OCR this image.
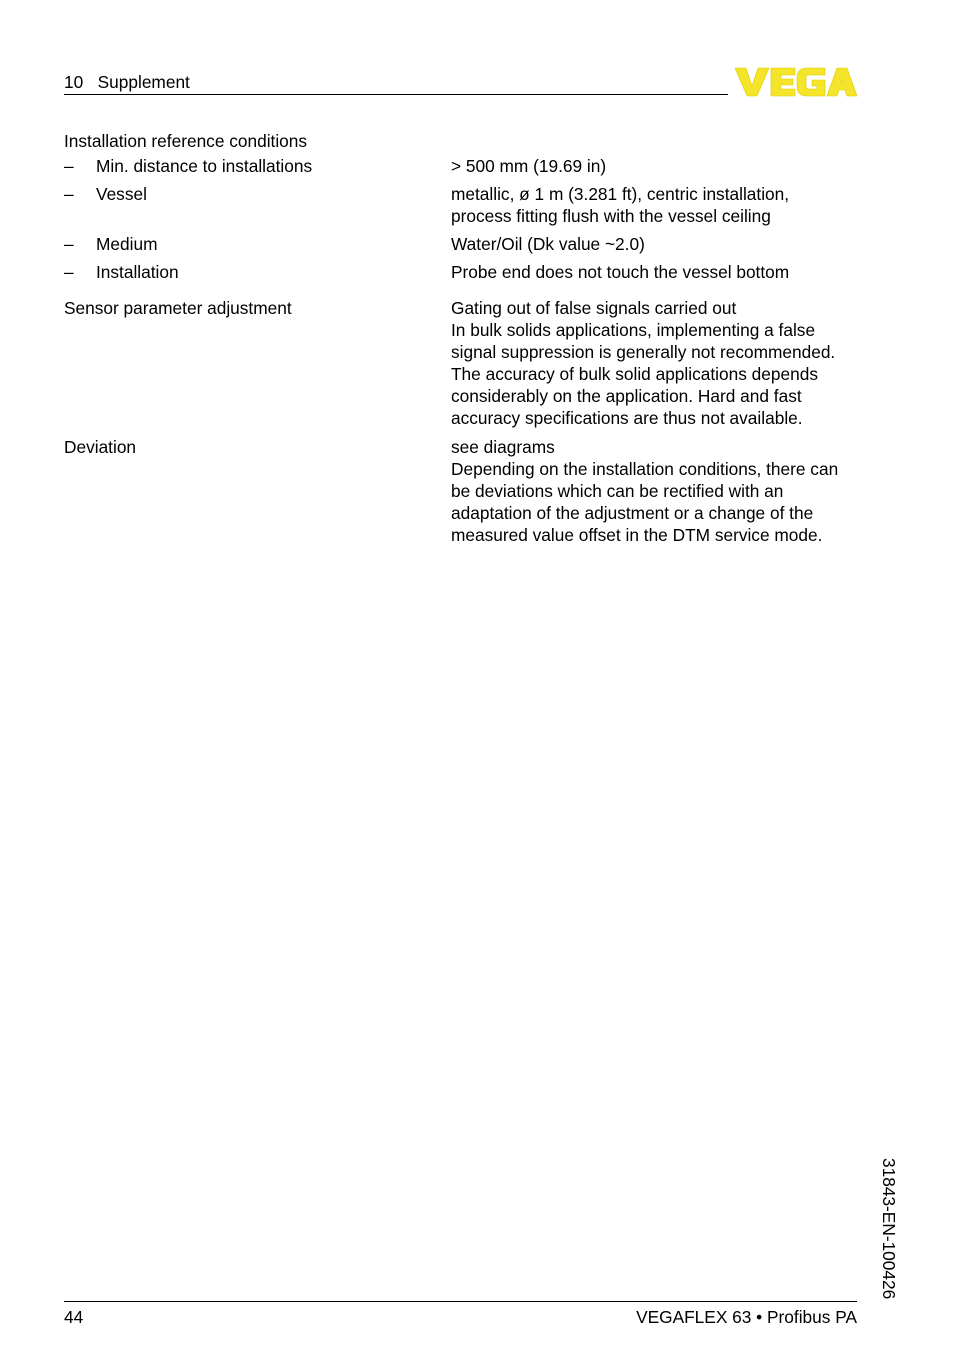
10   Supplement
Installation reference conditions
– Min. distance to installations	> 500 mm (19.69 in)
– Vessel	metallic, ø 1 m (3.281 ft), centric installation,
process fitting flush with the vessel ceiling
– Medium	Water/Oil (Dk value ~2.0)
– Installation	Probe end does not touch the vessel bottom
Sensor parameter adjustment	Gating out of false signals carried out
In bulk solids applications, implementing a false
signal suppression is generally not recommended.
The accuracy of bulk solid applications depends
considerably on the application. Hard and fast
accuracy specifications are thus not available.
Deviation	see diagrams
Depending on the installation conditions, there can
be deviations which can be rectified with an
adaptation of the adjustment or a change of the
measured value offset in the DTM service mode.
31843-EN-100426
44	VEGAFLEX 63 • Profibus PA
